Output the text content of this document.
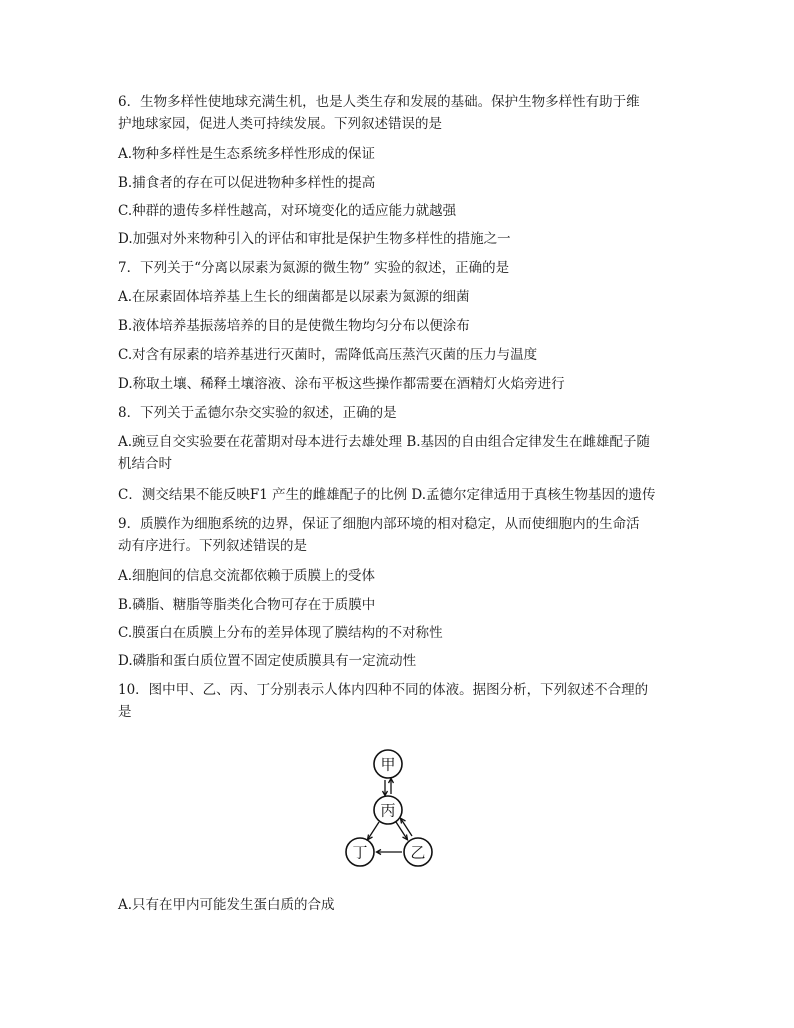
6．生物多样性使地球充满生机，也是人类生存和发展的基础。保护生物多样性有助于维
护地球家园，促进人类可持续发展。下列叙述错误的是
A.物种多样性是生态系统多样性形成的保证
B.捕食者的存在可以促进物种多样性的提高
C.种群的遗传多样性越高，对环境变化的适应能力就越强
D.加强对外来物种引入的评估和审批是保护生物多样性的措施之一
7．下列关于“分离以尿素为氮源的微生物” 实验的叙述，正确的是
A.在尿素固体培养基上生长的细菌都是以尿素为氮源的细菌
B.液体培养基振荡培养的目的是使微生物均匀分布以便涂布
C.对含有尿素的培养基进行灭菌时，需降低高压蒸汽灭菌的压力与温度
D.称取土壤、稀释土壤溶液、涂布平板这些操作都需要在酒精灯火焰旁进行
8．下列关于孟德尔杂交实验的叙述，正确的是
A.豌豆自交实验要在花蕾期对母本进行去雄处理 B.基因的自由组合定律发生在雌雄配子随
机结合时
C．测交结果不能反映F1 产生的雌雄配子的比例 D.孟德尔定律适用于真核生物基因的遗传
9．质膜作为细胞系统的边界，保证了细胞内部环境的相对稳定，从而使细胞内的生命活
动有序进行。下列叙述错误的是
A.细胞间的信息交流都依赖于质膜上的受体
B.磷脂、糖脂等脂类化合物可存在于质膜中
C.膜蛋白在质膜上分布的差异体现了膜结构的不对称性
D.磷脂和蛋白质位置不固定使质膜具有一定流动性
10．图中甲、乙、丙、丁分别表示人体内四种不同的体液。据图分析，下列叙述不合理的
是
甲
丙
丁	乙
A.只有在甲内可能发生蛋白质的合成
